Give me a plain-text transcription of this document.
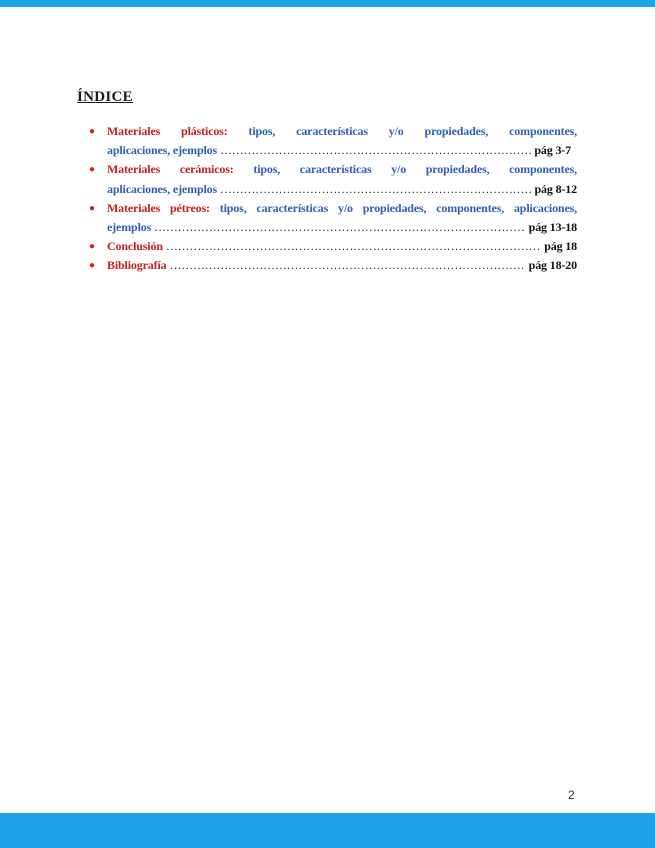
ÍNDICE
● Materiales plásticos: tipos, características y/o propiedades, componentes,
aplicaciones, ejemplos ………………………………………………………………………………………………………………………………………………	pág 3-7
● Materiales cerámicos: tipos, características y/o propiedades, componentes,
aplicaciones, ejemplos ………………………………………………………………………………………………………………………………………………	pág 8-12
● Materiales pétreos: tipos, características y/o propiedades, componentes, aplicaciones,
ejemplos ………………………………………………………………………………………………………………………………………………	pág 13-18
● Conclusión ………………………………………………………………………………………………………………………………………………	pág 18
● Bibliografía ………………………………………………………………………………………………………………………………………………	pág 18-20
2
